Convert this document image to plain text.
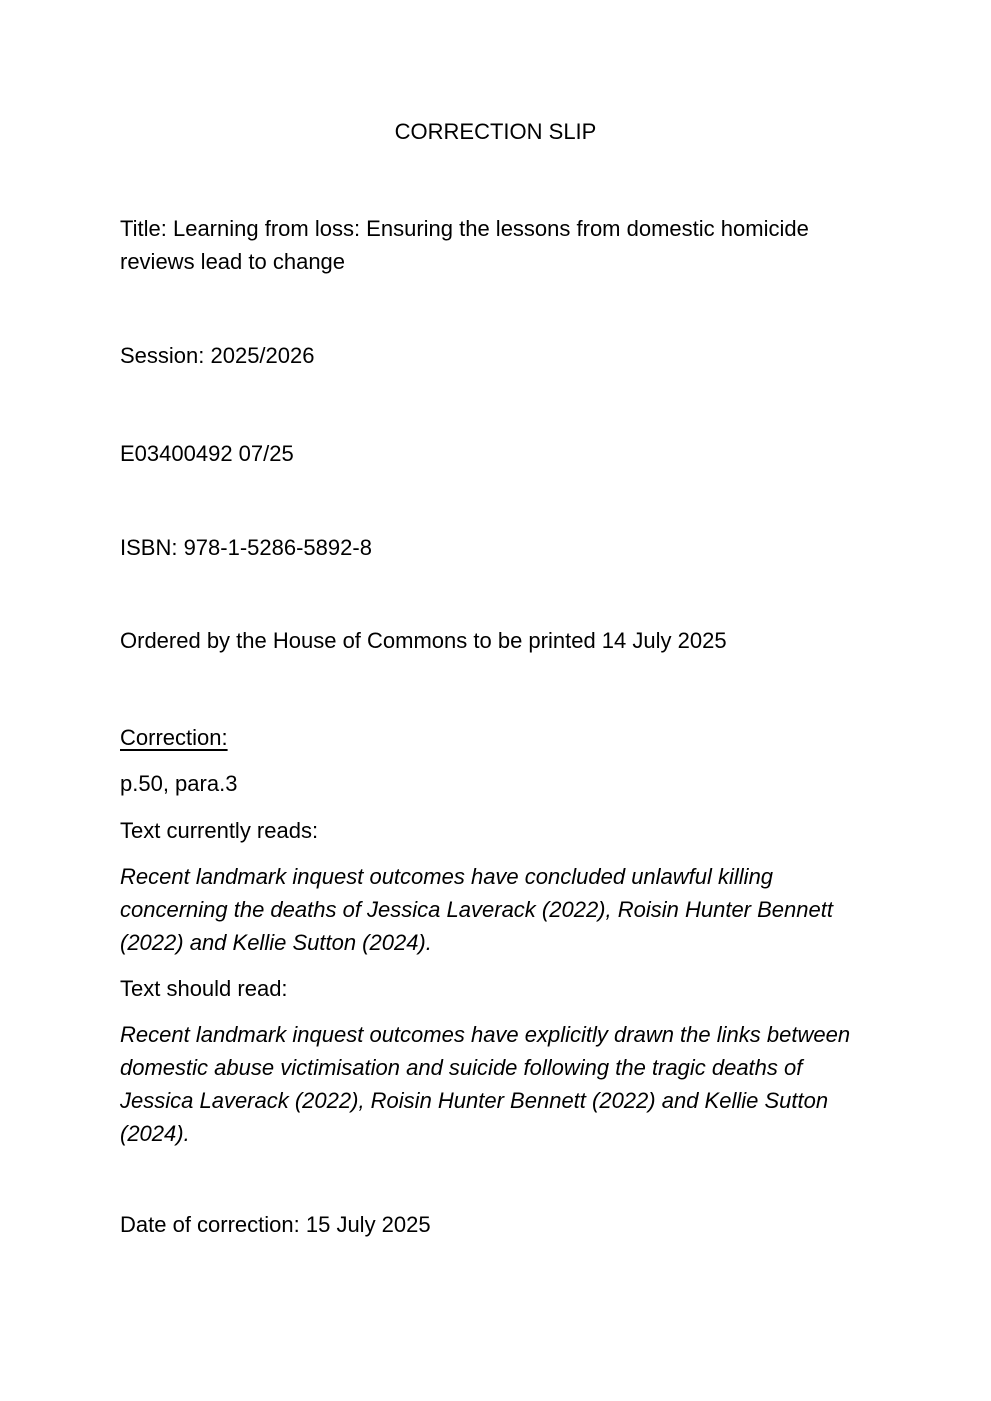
CORRECTION SLIP

Title: Learning from loss: Ensuring the lessons from domestic homicide reviews lead to change

Session: 2025/2026

E03400492 07/25

ISBN: 978-1-5286-5892-8

Ordered by the House of Commons to be printed 14 July 2025

Correction:

p.50, para.3

Text currently reads:

Recent landmark inquest outcomes have concluded unlawful killing concerning the deaths of Jessica Laverack (2022), Roisin Hunter Bennett (2022) and Kellie Sutton (2024).

Text should read:

Recent landmark inquest outcomes have explicitly drawn the links between domestic abuse victimisation and suicide following the tragic deaths of Jessica Laverack (2022), Roisin Hunter Bennett (2022) and Kellie Sutton (2024).

Date of correction: 15 July 2025
